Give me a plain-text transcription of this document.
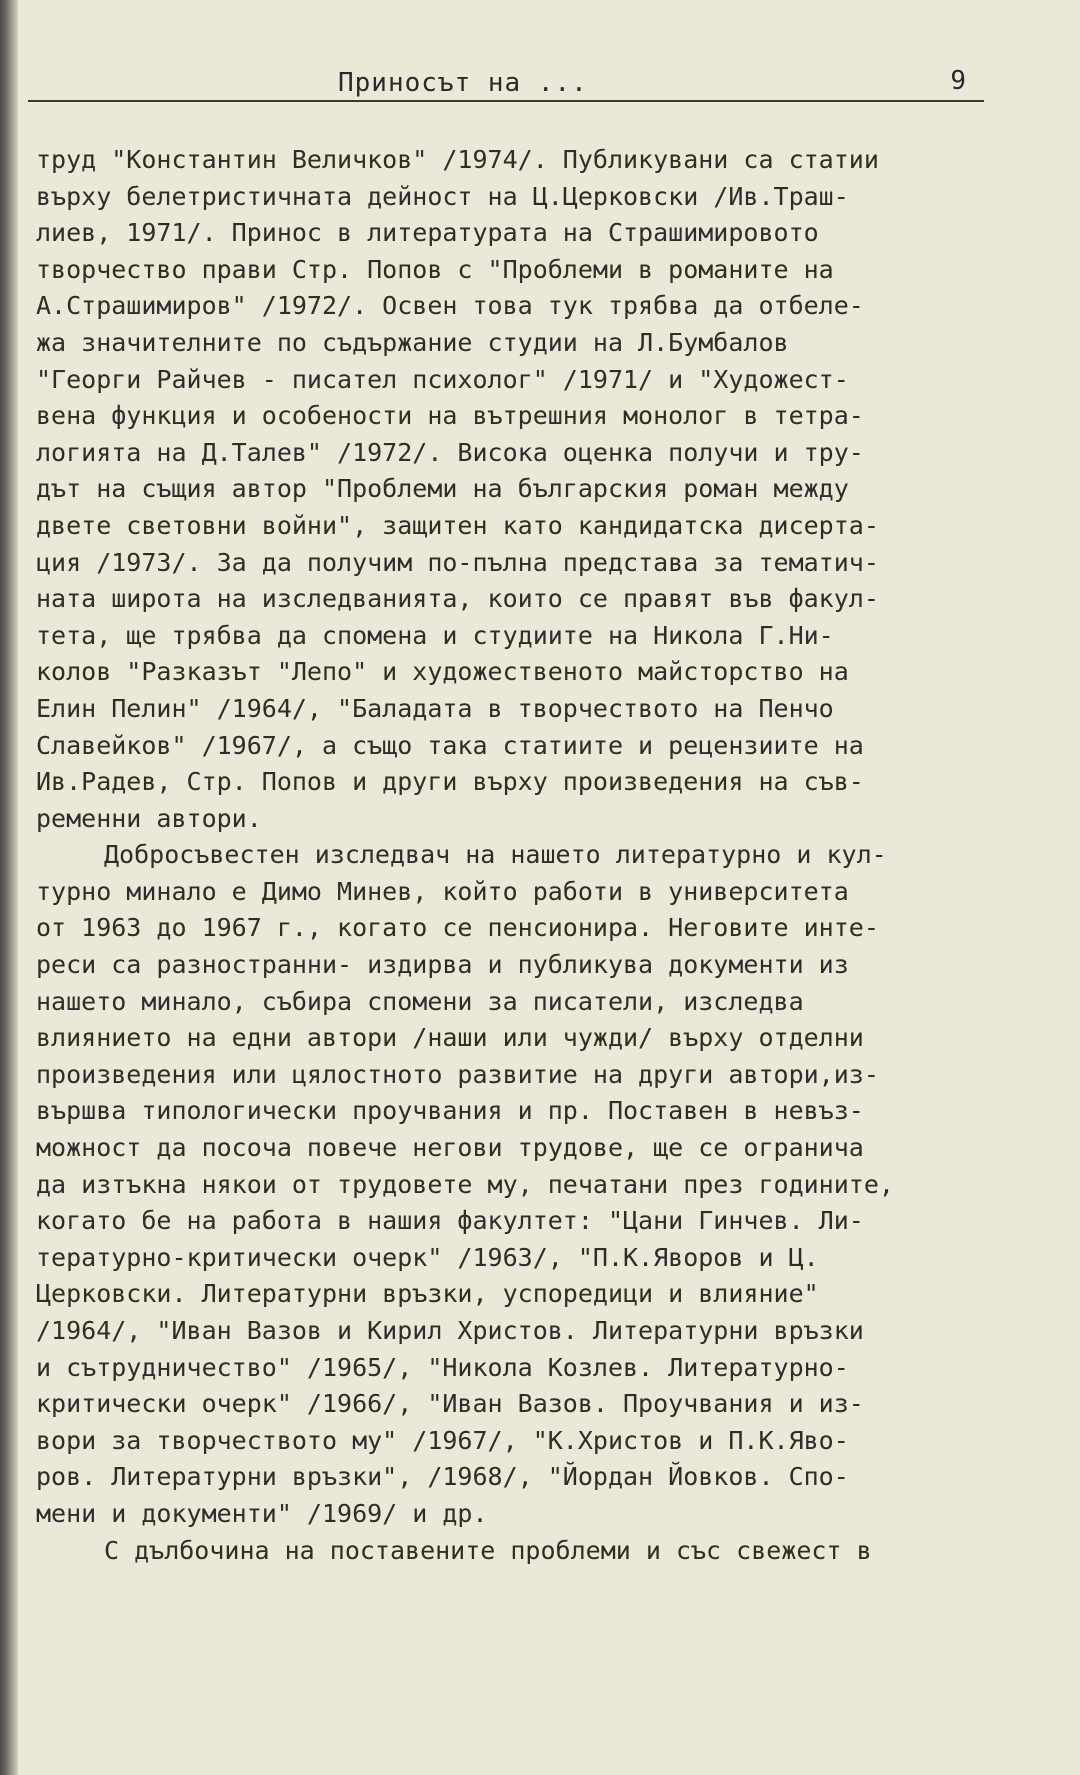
Приносът на ...	9
труд "Константин Величков" /1974/. Публикувани са статии
върху белетристичната дейност на Ц.Церковски /Ив.Траш-
лиев, 1971/. Принос в литературата на Страшимировото
творчество прави Стр. Попов с "Проблеми в романите на
А.Страшимиров" /1972/. Освен това тук трябва да отбеле-
жа значителните по съдържание студии на Л.Бумбалов
"Георги Райчев - писател психолог" /1971/ и "Художест-
вена функция и особености на вътрешния монолог в тетра-
логията на Д.Талев" /1972/. Висока оценка получи и тру-
дът на същия автор "Проблеми на българския роман между
двете световни войни", защитен като кандидатска дисерта-
ция /1973/. За да получим по-пълна представа за тематич-
ната широта на изследванията, които се правят във факул-
тета, ще трябва да спомена и студиите на Никола Г.Ни-
колов "Разказът "Лепо" и художественото майсторство на
Елин Пелин" /1964/, "Баладата в творчеството на Пенчо
Славейков" /1967/, а също така статиите и рецензиите на
Ив.Радев, Стр. Попов и други върху произведения на съв-
ременни автори.
Добросъвестен изследвач на нашето литературно и кул-
турно минало е Димо Минев, който работи в университета
от 1963 до 1967 г., когато се пенсионира. Неговите инте-
реси са разностранни- издирва и публикува документи из
нашето минало, събира спомени за писатели, изследва
влиянието на едни автори /наши или чужди/ върху отделни
произведения или цялостното развитие на други автори,из-
вършва типологически проучвания и пр. Поставен в невъз-
можност да посоча повече негови трудове, ще се огранича
да изтъкна някои от трудовете му, печатани през годините,
когато бе на работа в нашия факултет: "Цани Гинчев. Ли-
тературно-критически очерк" /1963/, "П.К.Яворов и Ц.
Церковски. Литературни връзки, успоредици и влияние"
/1964/, "Иван Вазов и Кирил Христов. Литературни връзки
и сътрудничество" /1965/, "Никола Козлев. Литературно-
критически очерк" /1966/, "Иван Вазов. Проучвания и из-
вори за творчеството му" /1967/, "К.Христов и П.К.Яво-
ров. Литературни връзки", /1968/, "Йордан Йовков. Спо-
мени и документи" /1969/ и др.
С дълбочина на поставените проблеми и със свежест в
